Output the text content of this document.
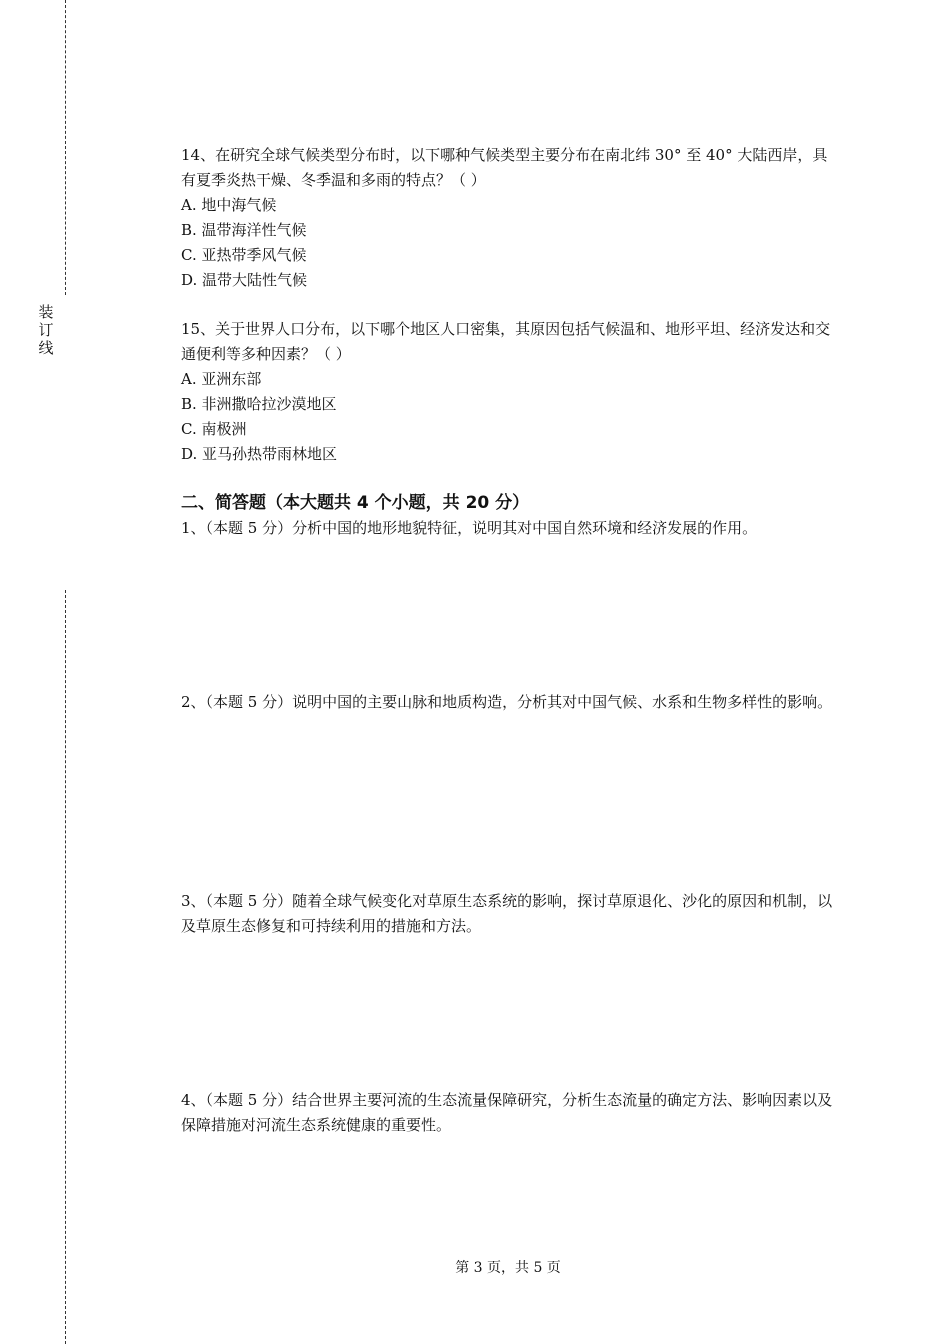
装
订
线

14、在研究全球气候类型分布时，以下哪种气候类型主要分布在南北纬 30° 至 40° 大陆西岸，具有夏季炎热干燥、冬季温和多雨的特点？（ ）

A. 地中海气候

B. 温带海洋性气候

C. 亚热带季风气候

D. 温带大陆性气候

15、关于世界人口分布，以下哪个地区人口密集，其原因包括气候温和、地形平坦、经济发达和交通便利等多种因素？（ ）

A. 亚洲东部

B. 非洲撒哈拉沙漠地区

C. 南极洲

D. 亚马孙热带雨林地区

二、简答题（本大题共 4 个小题，共 20 分）

1、（本题 5 分）分析中国的地形地貌特征，说明其对中国自然环境和经济发展的作用。

2、（本题 5 分）说明中国的主要山脉和地质构造，分析其对中国气候、水系和生物多样性的影响。

3、（本题 5 分）随着全球气候变化对草原生态系统的影响，探讨草原退化、沙化的原因和机制，以及草原生态修复和可持续利用的措施和方法。

4、（本题 5 分）结合世界主要河流的生态流量保障研究，分析生态流量的确定方法、影响因素以及保障措施对河流生态系统健康的重要性。

第 3 页，共 5 页
